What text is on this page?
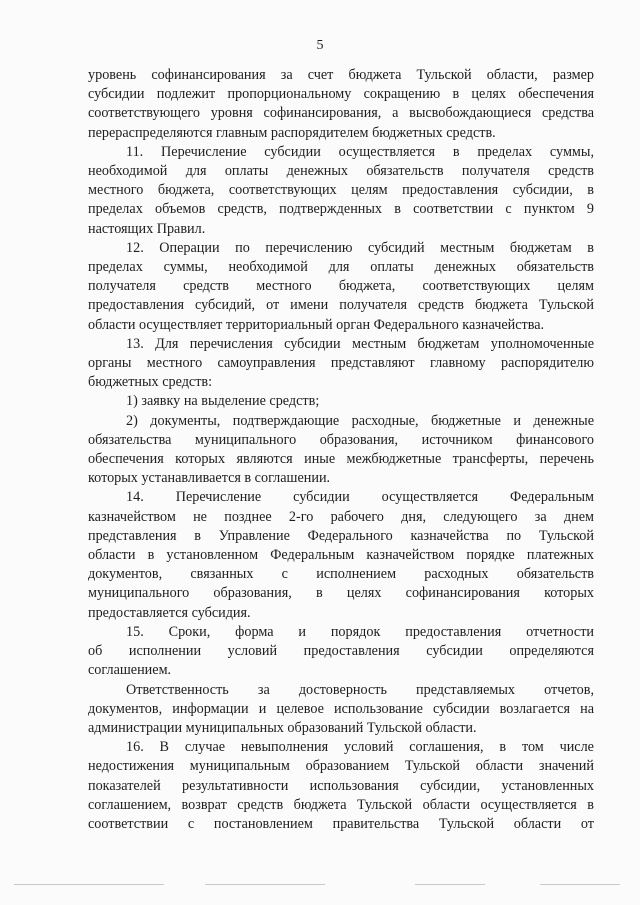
5
уровень софинансирования за счет бюджета Тульской области, размер
субсидии подлежит пропорциональному сокращению в целях обеспечения
соответствующего уровня софинансирования, а высвобождающиеся средства
перераспределяются главным распорядителем бюджетных средств.
11. Перечисление субсидии осуществляется в пределах суммы,
необходимой для оплаты денежных обязательств получателя средств
местного бюджета, соответствующих целям предоставления субсидии, в
пределах объемов средств, подтвержденных в соответствии с пунктом 9
настоящих Правил.
12. Операции по перечислению субсидий местным бюджетам в
пределах суммы, необходимой для оплаты денежных обязательств
получателя средств местного бюджета, соответствующих целям
предоставления субсидий, от имени получателя средств бюджета Тульской
области осуществляет территориальный орган Федерального казначейства.
13. Для перечисления субсидии местным бюджетам уполномоченные
органы местного самоуправления представляют главному распорядителю
бюджетных средств:
1) заявку на выделение средств;
2) документы, подтверждающие расходные, бюджетные и денежные
обязательства муниципального образования, источником финансового
обеспечения которых являются иные межбюджетные трансферты, перечень
которых устанавливается в соглашении.
14. Перечисление субсидии осуществляется Федеральным
казначейством не позднее 2-го рабочего дня, следующего за днем
представления в Управление Федерального казначейства по Тульской
области в установленном Федеральным казначейством порядке платежных
документов, связанных с исполнением расходных обязательств
муниципального образования, в целях софинансирования которых
предоставляется субсидия.
15. Сроки, форма и порядок предоставления отчетности
об исполнении условий предоставления субсидии определяются
соглашением.
Ответственность за достоверность представляемых отчетов,
документов, информации и целевое использование субсидии возлагается на
администрации муниципальных образований Тульской области.
16. В случае невыполнения условий соглашения, в том числе
недостижения муниципальным образованием Тульской области значений
показателей результативности использования субсидии, установленных
соглашением, возврат средств бюджета Тульской области осуществляется в
соответствии с постановлением правительства Тульской области от
